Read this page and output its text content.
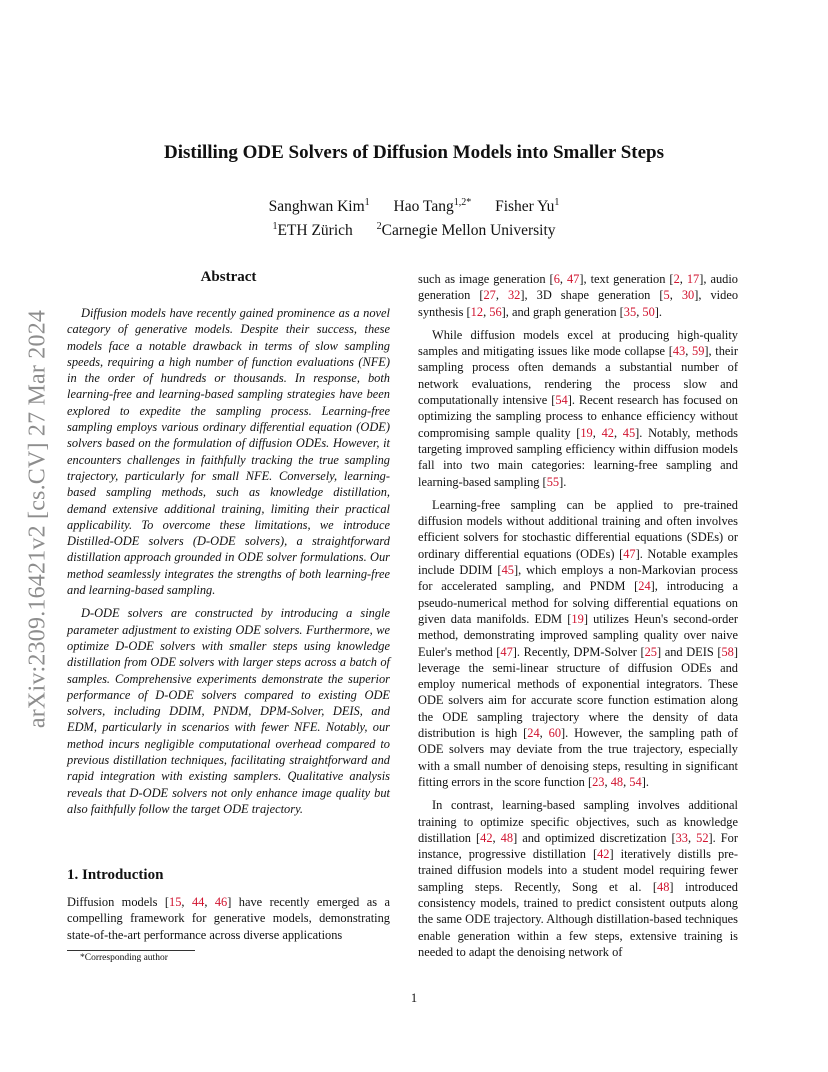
arXiv:2309.16421v2 [cs.CV] 27 Mar 2024
Distilling ODE Solvers of Diffusion Models into Smaller Steps
Sanghwan Kim$^1$ Hao Tang$^{1,2*}$ Fisher Yu$^1$
$^1$ETH Zürich $^2$Carnegie Mellon University
Abstract

Diffusion models have recently gained prominence as a novel category of generative models. Despite their success, these models face a notable drawback in terms of slow sampling speeds, requiring a high number of function evaluations (NFE) in the order of hundreds or thousands. In response, both learning-free and learning-based sampling strategies have been explored to expedite the sampling process. Learning-free sampling employs various ordinary differential equation (ODE) solvers based on the formulation of diffusion ODEs. However, it encounters challenges in faithfully tracking the true sampling trajectory, particularly for small NFE. Conversely, learning-based sampling methods, such as knowledge distillation, demand extensive additional training, limiting their practical applicability. To overcome these limitations, we introduce Distilled-ODE solvers (D-ODE solvers), a straightforward distillation approach grounded in ODE solver formulations. Our method seamlessly integrates the strengths of both learning-free and learning-based sampling.

D-ODE solvers are constructed by introducing a single parameter adjustment to existing ODE solvers. Furthermore, we optimize D-ODE solvers with smaller steps using knowledge distillation from ODE solvers with larger steps across a batch of samples. Comprehensive experiments demonstrate the superior performance of D-ODE solvers compared to existing ODE solvers, including DDIM, PNDM, DPM-Solver, DEIS, and EDM, particularly in scenarios with fewer NFE. Notably, our method incurs negligible computational overhead compared to previous distillation techniques, facilitating straightforward and rapid integration with existing samplers. Qualitative analysis reveals that D-ODE solvers not only enhance image quality but also faithfully follow the target ODE trajectory.

1. Introduction

Diffusion models [15, 44, 46] have recently emerged as a compelling framework for generative models, demonstrating state-of-the-art performance across diverse applications

such as image generation [6, 47], text generation [2, 17], audio generation [27, 32], 3D shape generation [5, 30], video synthesis [12, 56], and graph generation [35, 50].

While diffusion models excel at producing high-quality samples and mitigating issues like mode collapse [43, 59], their sampling process often demands a substantial number of network evaluations, rendering the process slow and computationally intensive [54]. Recent research has focused on optimizing the sampling process to enhance efficiency without compromising sample quality [19, 42, 45]. Notably, methods targeting improved sampling efficiency within diffusion models fall into two main categories: learning-free sampling and learning-based sampling [55].

Learning-free sampling can be applied to pre-trained diffusion models without additional training and often involves efficient solvers for stochastic differential equations (SDEs) or ordinary differential equations (ODEs) [47]. Notable examples include DDIM [45], which employs a non-Markovian process for accelerated sampling, and PNDM [24], introducing a pseudo-numerical method for solving differential equations on given data manifolds. EDM [19] utilizes Heun's second-order method, demonstrating improved sampling quality over naive Euler's method [47]. Recently, DPM-Solver [25] and DEIS [58] leverage the semi-linear structure of diffusion ODEs and employ numerical methods of exponential integrators. These ODE solvers aim for accurate score function estimation along the ODE sampling trajectory where the density of data distribution is high [24, 60]. However, the sampling path of ODE solvers may deviate from the true trajectory, especially with a small number of denoising steps, resulting in significant fitting errors in the score function [23, 48, 54].

In contrast, learning-based sampling involves additional training to optimize specific objectives, such as knowledge distillation [42, 48] and optimized discretization [33, 52]. For instance, progressive distillation [42] iteratively distills pre-trained diffusion models into a student model requiring fewer sampling steps. Recently, Song et al. [48] introduced consistency models, trained to predict consistent outputs along the same ODE trajectory. Although distillation-based techniques enable generation within a few steps, extensive training is needed to adapt the denoising network of

*Corresponding author
1
